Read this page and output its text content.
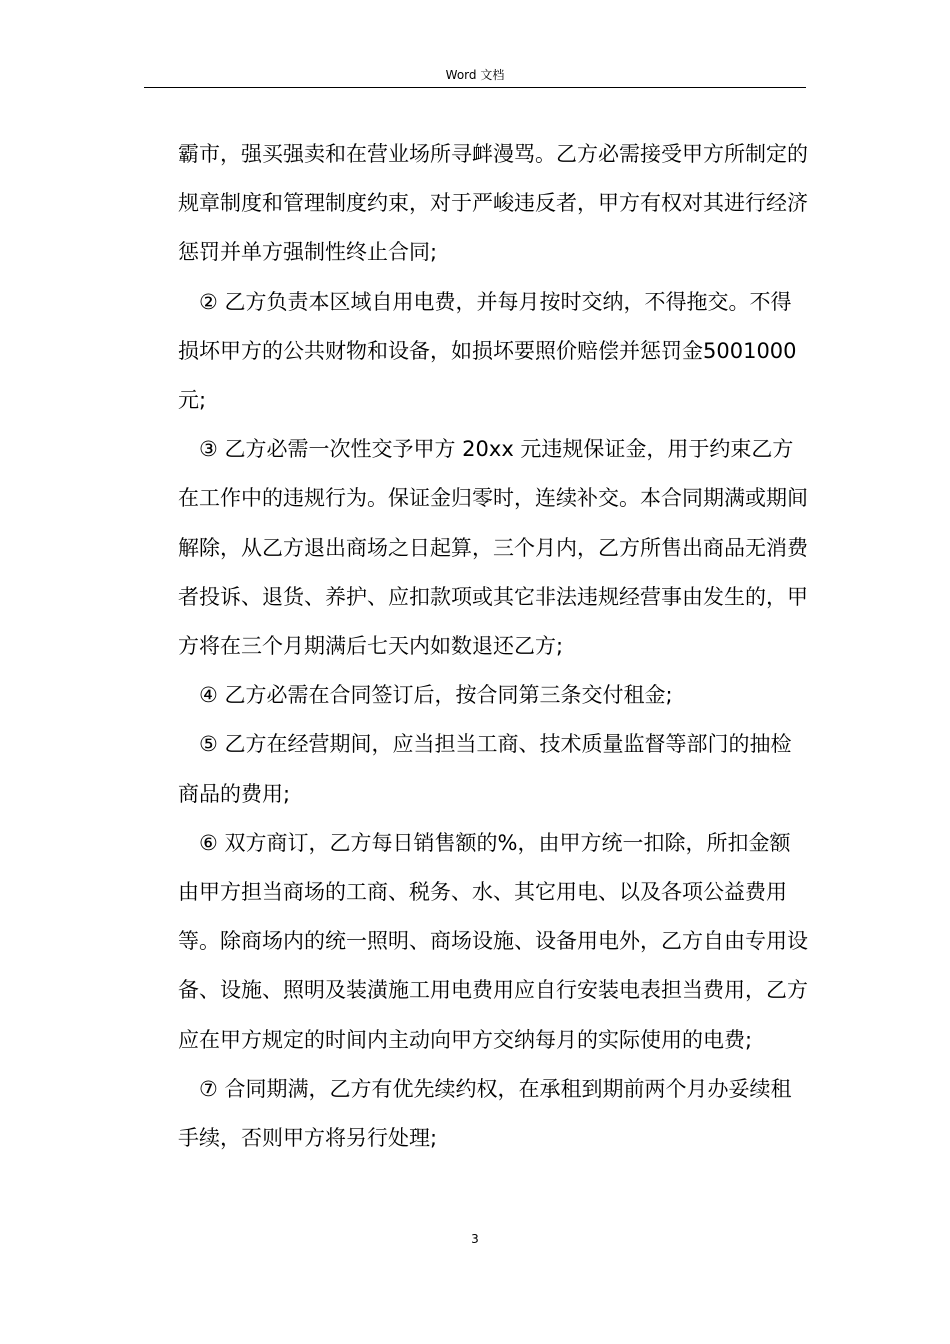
Word 文档

霸市，强买强卖和在营业场所寻衅漫骂。乙方必需接受甲方所制定的规章制度和管理制度约束，对于严峻违反者，甲方有权对其进行经济惩罚并单方强制性终止合同;

② 乙方负责本区域自用电费，并每月按时交纳，不得拖交。不得损坏甲方的公共财物和设备，如损坏要照价赔偿并惩罚金5001000 元;

③ 乙方必需一次性交予甲方 20xx 元违规保证金，用于约束乙方在工作中的违规行为。保证金归零时，连续补交。本合同期满或期间解除，从乙方退出商场之日起算，三个月内，乙方所售出商品无消费者投诉、退货、养护、应扣款项或其它非法违规经营事由发生的，甲方将在三个月期满后七天内如数退还乙方;

④ 乙方必需在合同签订后，按合同第三条交付租金;

⑤ 乙方在经营期间，应当担当工商、技术质量监督等部门的抽检商品的费用;

⑥ 双方商订，乙方每日销售额的%，由甲方统一扣除，所扣金额由甲方担当商场的工商、税务、水、其它用电、以及各项公益费用等。除商场内的统一照明、商场设施、设备用电外，乙方自由专用设备、设施、照明及装潢施工用电费用应自行安装电表担当费用，乙方应在甲方规定的时间内主动向甲方交纳每月的实际使用的电费;

⑦ 合同期满，乙方有优先续约权，在承租到期前两个月办妥续租手续，否则甲方将另行处理;

3
